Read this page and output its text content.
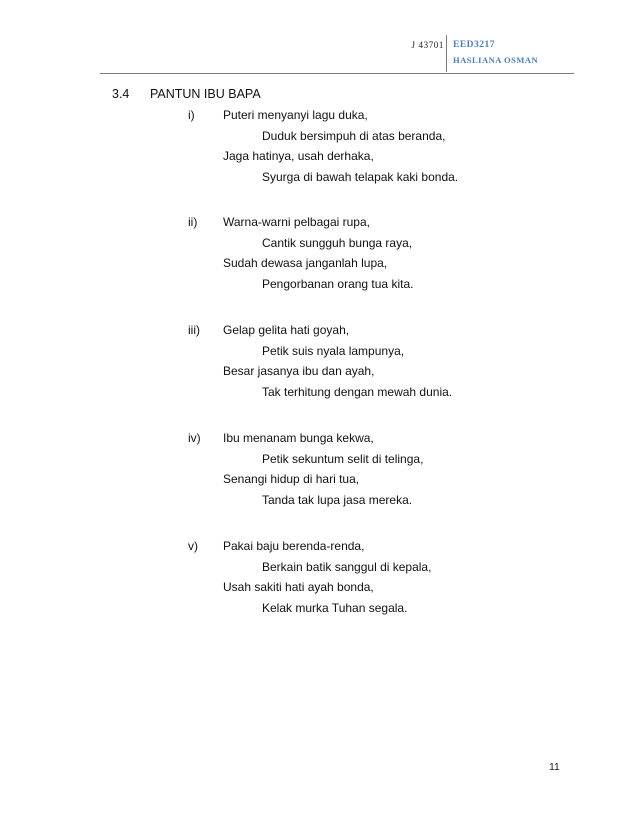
J 43701 EED3217
HASLIANA OSMAN
3.4 PANTUN IBU BAPA
i)	Puteri menyanyi lagu duka,
Duduk bersimpuh di atas beranda,
Jaga hatinya, usah derhaka,
Syurga di bawah telapak kaki bonda.
ii)	Warna-warni pelbagai rupa,
Cantik sungguh bunga raya,
Sudah dewasa janganlah lupa,
Pengorbanan orang tua kita.
iii)	Gelap gelita hati goyah,
Petik suis nyala lampunya,
Besar jasanya ibu dan ayah,
Tak terhitung dengan mewah dunia.
iv)	Ibu menanam bunga kekwa,
Petik sekuntum selit di telinga,
Senangi hidup di hari tua,
Tanda tak lupa jasa mereka.
v)	Pakai baju berenda-renda,
Berkain batik sanggul di kepala,
Usah sakiti hati ayah bonda,
Kelak murka Tuhan segala.
11
